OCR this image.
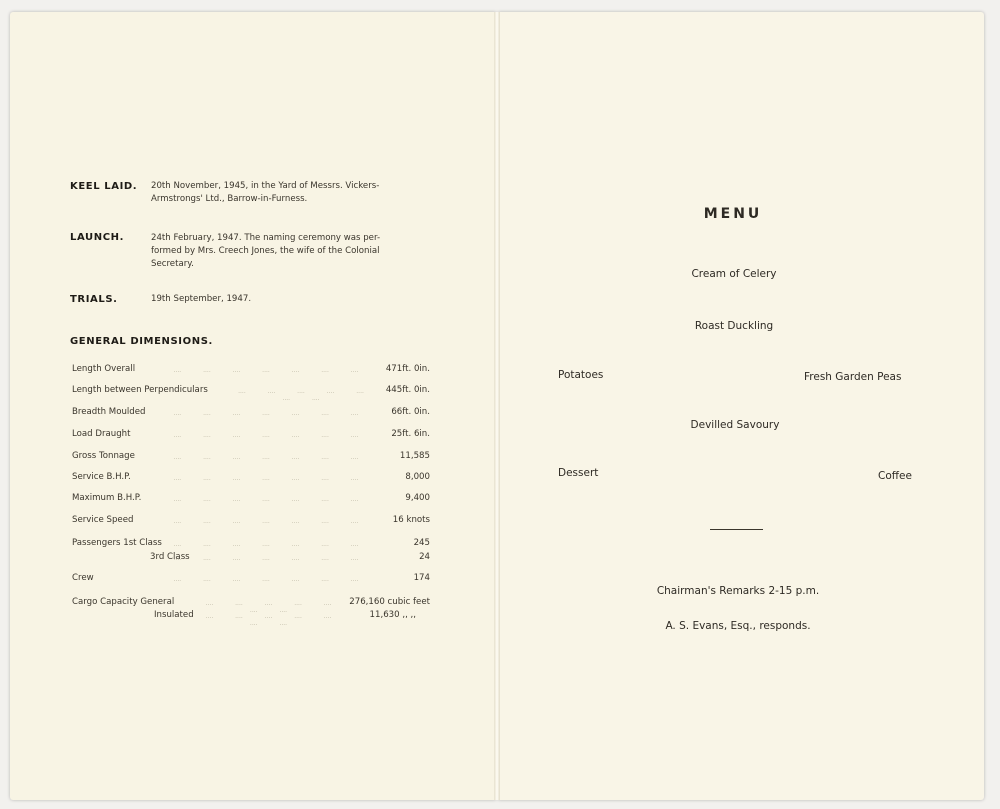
KEEL LAID. 20th November, 1945, in the Yard of Messrs. Vickers-
Armstrongs' Ltd., Barrow-in-Furness.
LAUNCH.	24th February, 1947. The naming ceremony was per-
formed by Mrs. Creech Jones, the wife of the Colonial
Secretary.
TRIALS.	19th September, 1947.
GENERAL DIMENSIONS.
.... .... .... .... .... .... ....
Length Overall	471ft. 0in.
.... .... .... .... .... .... ....
Length between Perpendiculars	445ft. 0in.
.... .... .... .... .... .... ....
Breadth Moulded	66ft. 0in.
.... .... .... .... .... .... ....
Load Draught	25ft. 6in.
.... .... .... .... .... .... ....
Gross Tonnage	11,585
.... .... .... .... .... .... ....
Service B.H.P.	8,000
.... .... .... .... .... .... ....
Maximum B.H.P.	9,400
.... .... .... .... .... .... ....
Service Speed	16 knots
.... .... .... .... .... .... ....
Passengers 1st Class	245
.... .... .... .... .... .... ....
3rd Class	24
.... .... .... .... .... .... ....
Crew	174
.... .... .... .... .... .... ....
Cargo Capacity General	276,160 cubic feet
.... .... .... .... .... .... ....
Insulated	11,630 ,, ,,
MENU
Cream of Celery
Roast Duckling
Potatoes	Fresh Garden Peas
Devilled Savoury
Dessert	Coffee
Chairman's Remarks 2-15 p.m.
A. S. Evans, Esq., responds.
